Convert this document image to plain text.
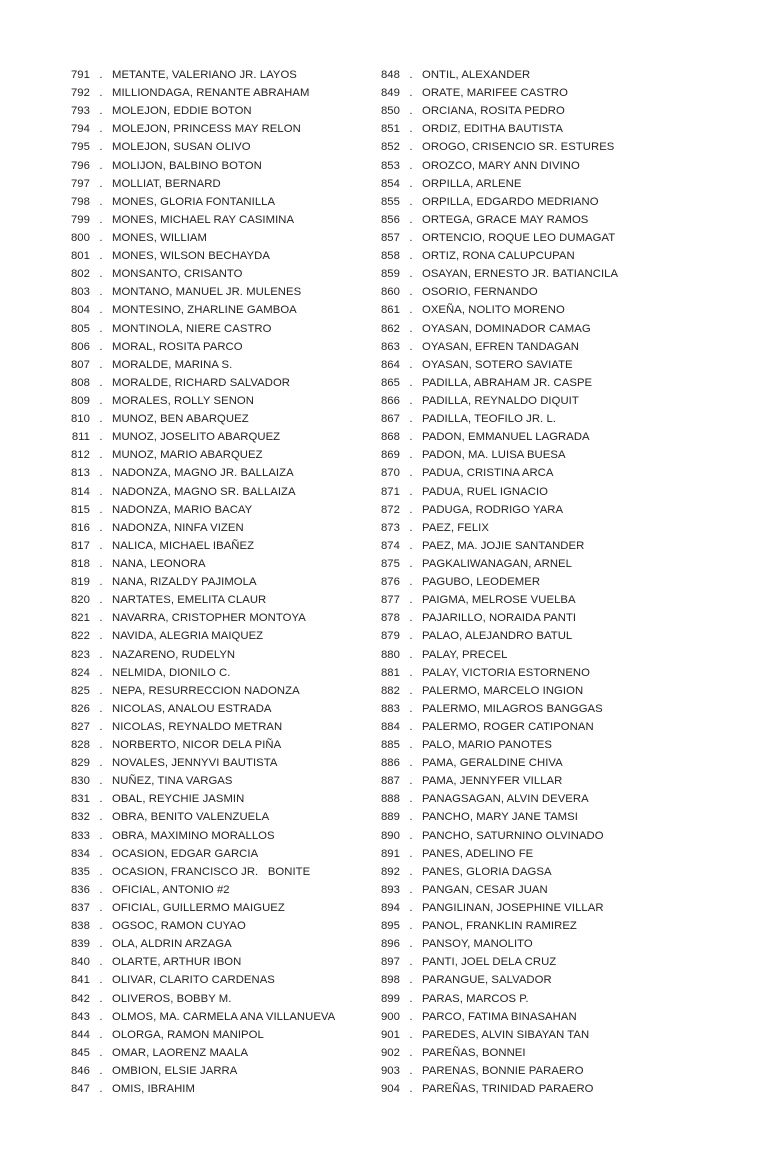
791 . METANTE, VALERIANO JR. LAYOS
792 . MILLIONDAGA, RENANTE ABRAHAM
793 . MOLEJON, EDDIE BOTON
794 . MOLEJON, PRINCESS MAY RELON
795 . MOLEJON, SUSAN OLIVO
796 . MOLIJON, BALBINO BOTON
797 . MOLLIAT, BERNARD
798 . MONES, GLORIA FONTANILLA
799 . MONES, MICHAEL RAY CASIMINA
800 . MONES, WILLIAM
801 . MONES, WILSON BECHAYDA
802 . MONSANTO, CRISANTO
803 . MONTANO, MANUEL JR. MULENES
804 . MONTESINO, ZHARLINE GAMBOA
805 . MONTINOLA, NIERE CASTRO
806 . MORAL, ROSITA PARCO
807 . MORALDE, MARINA S.
808 . MORALDE, RICHARD SALVADOR
809 . MORALES, ROLLY SENON
810 . MUNOZ, BEN ABARQUEZ
811 . MUNOZ, JOSELITO ABARQUEZ
812 . MUNOZ, MARIO ABARQUEZ
813 . NADONZA, MAGNO JR. BALLAIZA
814 . NADONZA, MAGNO SR. BALLAIZA
815 . NADONZA, MARIO BACAY
816 . NADONZA, NINFA VIZEN
817 . NALICA, MICHAEL IBAÑEZ
818 . NANA, LEONORA
819 . NANA, RIZALDY PAJIMOLA
820 . NARTATES, EMELITA CLAUR
821 . NAVARRA, CRISTOPHER MONTOYA
822 . NAVIDA, ALEGRIA MAIQUEZ
823 . NAZARENO, RUDELYN
824 . NELMIDA, DIONILO C.
825 . NEPA, RESURRECCION NADONZA
826 . NICOLAS, ANALOU ESTRADA
827 . NICOLAS, REYNALDO METRAN
828 . NORBERTO, NICOR DELA PIÑA
829 . NOVALES, JENNYVI BAUTISTA
830 . NUÑEZ, TINA VARGAS
831 . OBAL, REYCHIE JASMIN
832 . OBRA, BENITO VALENZUELA
833 . OBRA, MAXIMINO MORALLOS
834 . OCASION, EDGAR GARCIA
835 . OCASION, FRANCISCO JR.   BONITE
836 . OFICIAL, ANTONIO #2
837 . OFICIAL, GUILLERMO MAIGUEZ
838 . OGSOC, RAMON CUYAO
839 . OLA, ALDRIN ARZAGA
840 . OLARTE, ARTHUR IBON
841 . OLIVAR, CLARITO CARDENAS
842 . OLIVEROS, BOBBY M.
843 . OLMOS, MA. CARMELA ANA VILLANUEVA
844 . OLORGA, RAMON MANIPOL
845 . OMAR, LAORENZ MAALA
846 . OMBION, ELSIE JARRA
847 . OMIS, IBRAHIM
848 . ONTIL, ALEXANDER
849 . ORATE, MARIFEE CASTRO
850 . ORCIANA, ROSITA PEDRO
851 . ORDIZ, EDITHA BAUTISTA
852 . OROGO, CRISENCIO SR. ESTURES
853 . OROZCO, MARY ANN DIVINO
854 . ORPILLA, ARLENE
855 . ORPILLA, EDGARDO MEDRIANO
856 . ORTEGA, GRACE MAY RAMOS
857 . ORTENCIO, ROQUE LEO DUMAGAT
858 . ORTIZ, RONA CALUPCUPAN
859 . OSAYAN, ERNESTO JR. BATIANCILA
860 . OSORIO, FERNANDO
861 . OXEÑA, NOLITO MORENO
862 . OYASAN, DOMINADOR CAMAG
863 . OYASAN, EFREN TANDAGAN
864 . OYASAN, SOTERO SAVIATE
865 . PADILLA, ABRAHAM JR. CASPE
866 . PADILLA, REYNALDO DIQUIT
867 . PADILLA, TEOFILO JR. L.
868 . PADON, EMMANUEL LAGRADA
869 . PADON, MA. LUISA BUESA
870 . PADUA, CRISTINA ARCA
871 . PADUA, RUEL IGNACIO
872 . PADUGA, RODRIGO YARA
873 . PAEZ, FELIX
874 . PAEZ, MA. JOJIE SANTANDER
875 . PAGKALIWANAGAN, ARNEL
876 . PAGUBO, LEODEMER
877 . PAIGMA, MELROSE VUELBA
878 . PAJARILLO, NORAIDA PANTI
879 . PALAO, ALEJANDRO BATUL
880 . PALAY, PRECEL
881 . PALAY, VICTORIA ESTORNENO
882 . PALERMO, MARCELO INGION
883 . PALERMO, MILAGROS BANGGAS
884 . PALERMO, ROGER CATIPONAN
885 . PALO, MARIO PANOTES
886 . PAMA, GERALDINE CHIVA
887 . PAMA, JENNYFER VILLAR
888 . PANAGSAGAN, ALVIN DEVERA
889 . PANCHO, MARY JANE TAMSI
890 . PANCHO, SATURNINO OLVINADO
891 . PANES, ADELINO FE
892 . PANES, GLORIA DAGSA
893 . PANGAN, CESAR JUAN
894 . PANGILINAN, JOSEPHINE VILLAR
895 . PANOL, FRANKLIN RAMIREZ
896 . PANSOY, MANOLITO
897 . PANTI, JOEL DELA CRUZ
898 . PARANGUE, SALVADOR
899 . PARAS, MARCOS P.
900 . PARCO, FATIMA BINASAHAN
901 . PAREDES, ALVIN SIBAYAN TAN
902 . PAREÑAS, BONNEI
903 . PARENAS, BONNIE PARAERO
904 . PAREÑAS, TRINIDAD PARAERO
